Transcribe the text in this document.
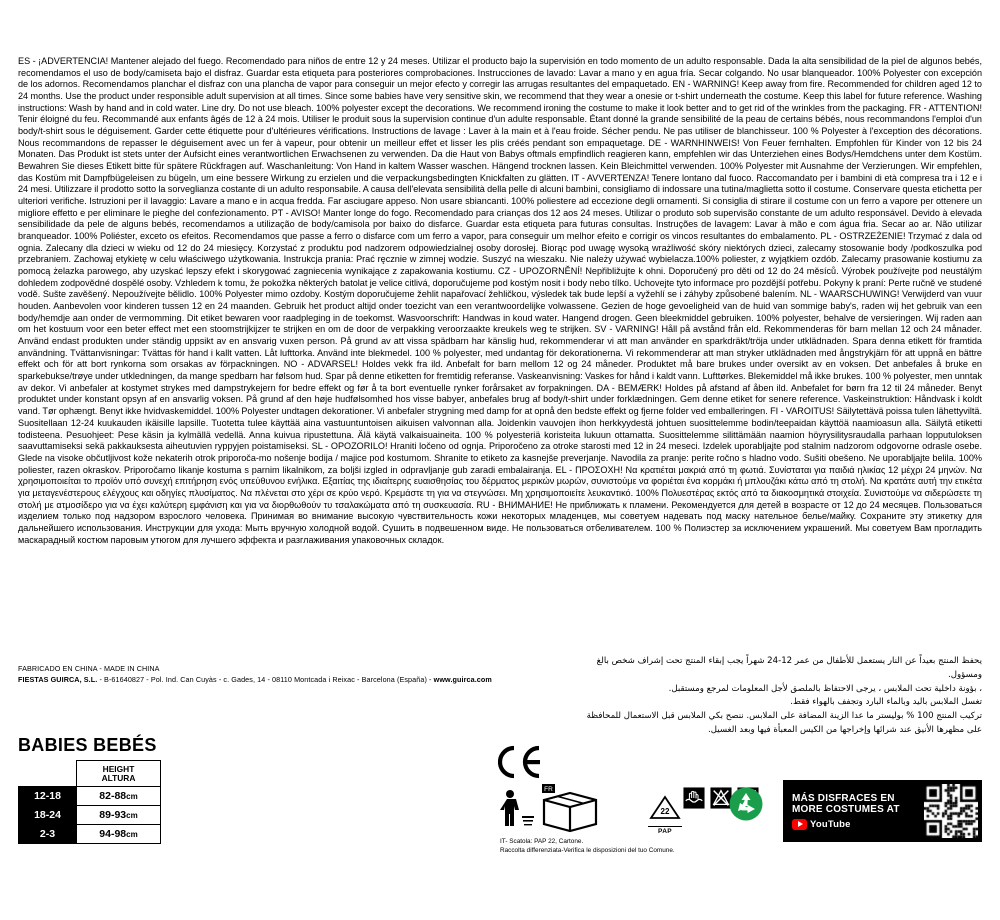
ES - ¡ADVERTENCIA! Mantener alejado del fuego. Recomendado para niños de entre 12 y 24 meses. Utilizar el producto bajo la supervisión en todo momento de un adulto responsable. Dada la alta sensibilidad de la piel de algunos bebés, recomendamos el uso de body/camiseta bajo el disfraz. Guardar esta etiqueta para posteriores comprobaciones. Instrucciones de lavado: Lavar a mano y en agua fría. Secar colgando. No usar blanqueador. 100% Polyester con excepción de los adornos. Recomendamos planchar el disfraz con una plancha de vapor para conseguir un mejor efecto y corregir las arrugas resultantes del empaquetado. EN - WARNING! Keep away from fire. Recommended for children aged 12 to 24 months. Use the product under responsible adult supervision at all times. Since some babies have very sensitive skin, we recommend that they wear a onesie or t-shirt underneath the costume. Keep this label for future reference. Washing instructions: Wash by hand and in cold water. Line dry. Do not use bleach. 100% polyester except the decorations. We recommend ironing the costume to make it look better and to get rid of the wrinkles from the packaging. FR - ATTENTION! Tenir éloigné du feu. Recommandé aux enfants âgés de 12 à 24 mois. Utiliser le produit sous la supervision continue d'un adulte responsable. Étant donné la grande sensibilité de la peau de certains bébés, nous recommandons l'emploi d'un body/t-shirt sous le déguisement. Garder cette étiquette pour d'ultérieures vérifications. Instructions de lavage : Laver à la main et à l'eau froide. Sécher pendu. Ne pas utiliser de blanchisseur. 100 % Polyester à l'exception des décorations. Nous recommandons de repasser le déguisement avec un fer à vapeur, pour obtenir un meilleur effet et lisser les plis créés pendant son empaquetage. DE - WARNHINWEIS! Von Feuer fernhalten. Empfohlen für Kinder von 12 bis 24 Monaten. Das Produkt ist stets unter der Aufsicht eines verantwortlichen Erwachsenen zu verwenden. Da die Haut von Babys oftmals empfindlich reagieren kann, empfehlen wir das Unterziehen eines Bodys/Hemdchens unter dem Kostüm. Bewahren Sie dieses Etikett bitte für spätere Rückfragen auf. Waschanleitung: Von Hand in kaltem Wasser waschen. Hängend trocknen lassen. Kein Bleichmittel verwenden. 100% Polyester mit Ausnahme der Verzierungen. Wir empfehlen, das Kostüm mit Dampfbügeleisen zu bügeln, um eine bessere Wirkung zu erzielen und die verpackungsbedingten Knickfalten zu glätten. IT - AVVERTENZA! Tenere lontano dal fuoco. Raccomandato per i bambini di età compresa tra i 12 e i 24 mesi. Utilizzare il prodotto sotto la sorveglianza costante di un adulto responsabile. A causa dell'elevata sensibilità della pelle di alcuni bambini, consigliamo di indossare una tutina/maglietta sotto il costume. Conservare questa etichetta per ulteriori verifiche. Istruzioni per il lavaggio: Lavare a mano e in acqua fredda. Far asciugare appeso. Non usare sbiancanti. 100% poliestere ad eccezione degli ornamenti. Si consiglia di stirare il costume con un ferro a vapore per ottenere un migliore effetto e per eliminare le pieghe del confezionamento. PT - AVISO! Manter longe do fogo. Recomendado para crianças dos 12 aos 24 meses. Utilizar o produto sob supervisão constante de um adulto responsável. Devido à elevada sensibilidade da pele de alguns bebés, recomendamos a utilização de body/camisola por baixo do disfarce. Guardar esta etiqueta para futuras consultas. Instruções de lavagem: Lavar à mão e com água fria. Secar ao ar. Não utilizar branqueador. 100% Poliéster, exceto os efeitos. Recomendamos que passe a ferro o disfarce com um ferro a vapor, para conseguir um melhor efeito e corrigir os vincos resultantes do embalamento. PL - OSTRZEŻENIE! Trzymać z dala od ognia. Zalecany dla dzieci w wieku od 12 do 24 miesięcy. Korzystać z produktu pod nadzorem odpowiedzialnej osoby dorosłej. Biorąc pod uwagę wysoką wrażliwość skóry niektórych dzieci, zalecamy stosowanie body /podkoszulka pod przebraniem. Zachowaj etykietę w celu właściwego użytkowania. Instrukcja prania: Prać ręcznie w zimnej wodzie. Suszyć na wieszaku. Nie należy używać wybielacza.100% poliester, z wyjątkiem ozdób. Zalecamy prasowanie kostiumu za pomocą żelazka parowego, aby uzyskać lepszy efekt i skorygować zagniecenia wynikające z zapakowania kostiumu. CZ - UPOZORNĚNÍ! Nepřibližujte k ohni. Doporučený pro děti od 12 do 24 měsíců. Výrobek používejte pod neustálým dohledem zodpovědné dospělé osoby. Vzhledem k tomu, že pokožka některých batolat je velice citlivá, doporučujeme pod kostým nosit i body nebo tílko. Uchovejte tyto informace pro pozdější potřebu. Pokyny k praní: Perte ručně ve studené vodě. Sušte zavěšený. Nepoužívejte bělidlo. 100% Polyester mimo ozdoby. Kostým doporučujeme žehlit napařovací žehličkou, výsledek tak bude lepší a vyžehlí se i záhyby způsobené balením. NL - WAARSCHUWING! Verwijderd van vuur houden. Aanbevolen voor kinderen tussen 12 en 24 maanden. Gebruik het product altijd onder toezicht van een verantwoordelijke volwassene. Gezien de hoge gevoeligheid van de huid van sommige baby's, raden wij het gebruik van een body/hemdje aan onder de vermomming. Dit etiket bewaren voor raadpleging in de toekomst. Wasvoorschrift: Handwas in koud water. Hangend drogen. Geen bleekmiddel gebruiken. 100% polyester, behalve de versieringen. Wij raden aan om het kostuum voor een beter effect met een stoomstrijkijzer te strijken en om de door de verpakking veroorzaakte kreukels weg te strijken. SV - VARNING! Håll på avstånd från eld. Rekommenderas för barn mellan 12 och 24 månader. Använd endast produkten under ständig uppsikt av en ansvarig vuxen person. På grund av att vissa spädbarn har känslig hud, rekommenderar vi att man använder en sparkdräkt/tröja under utklädnaden. Spara denna etikett för framtida användning. Tvättanvisningar: Tvättas för hand i kallt vatten. Låt lufttorka. Använd inte blekmedel. 100 % polyester, med undantag för dekorationerna. Vi rekommenderar att man stryker utklädnaden med ångstrykjärn för att uppnå en bättre effekt och för att bort rynkorna som orsakas av förpackningen. NO - ADVARSEL! Holdes vekk fra ild. Anbefalt for barn mellom 12 og 24 måneder. Produktet må bare brukes under oversikt av en voksen. Det anbefales å bruke en sparkebukse/trøye under utkledningen, da mange spedbarn har følsom hud. Spar på denne etiketten for fremtidig referanse. Vaskeanvisning: Vaskes for hånd i kaldt vann. Lufttørkes. Blekemiddel må ikke brukes. 100 % polyester, men unntak av dekor. Vi anbefaler at kostymet strykes med dampstrykejern for bedre effekt og før å ta bort eventuelle rynker forårsaket av forpakningen. DA - BEMÆRK! Holdes på afstand af åben ild. Anbefalet for børn fra 12 til 24 måneder. Benyt produktet under konstant opsyn af en ansvarlig voksen. På grund af den høje hudfølsomhed hos visse babyer, anbefales brug af body/t-shirt under forklædningen. Gem denne etiket for senere reference. Vaskeinstruktion: Håndvask i koldt vand. Tør ophængt. Benyt ikke hvidvaskemiddel. 100% Polyester undtagen dekorationer. Vi anbefaler strygning med damp for at opnå den bedste effekt og fjerne folder ved emballeringen. FI - VAROITUS! Säilytettävä poissa tulen lähettyviltä. Suositellaan 12-24 kuukauden ikäisille lapsille. Tuotetta tulee käyttää aina vastuuntuntoisen aikuisen valvonnan alla. Joidenkin vauvojen ihon herkkyydestä johtuen suosittelemme bodin/teepaidan käyttöä naamioasun alla. Säilytä etiketti todisteena. Pesuohjeet: Pese käsin ja kylmällä vedellä. Anna kuivua ripustettuna. Älä käytä valkaisuaineita. 100 % polyesteriä koristeita lukuun ottamatta. Suosittelemme silittämään naamion höyrysilitysraudalla parhaan lopputuloksen saavuttamiseksi sekä pakkauksesta aiheutuvien ryppyjen poistamiseksi. SL - OPOZORILO! Hraniti ločeno od ognja. Priporočeno za otroke starosti med 12 in 24 meseci. Izdelek uporabljajte pod stalnim nadzorom odgovorne odrasle osebe. Glede na visoke občutljivost kože nekaterih otrok priporoča-mo nošenje bodija / majice pod kostumom. Shranite to etiketo za kasnejše preverjanje. Navodila za pranje: perite ročno s hladno vodo. Sušiti obešeno. Ne uporabljajte belila. 100% poliester, razen okraskov. Priporočamo likanje kostuma s parnim likalnikom, za boljši izgled in odpravljanje gub zaradi embalairanja. EL - ΠΡΟΣΟΧΗ! Να κρατιέται μακριά από τη φωτιά. Συνίσταται για παιδιά ηλικίας 12 μέχρι 24 μηνών. Να χρησιμοποιείται το προϊόν υπό συνεχή επιτήρηση ενός υπεύθυνου ενήλικα. Εξαιτίας της ιδιαίτερης ευαισθησίας του δέρματος μερικών μωρών, συνιστούμε να φοριέται ένα κορμάκι ή μπλουζάκι κάτω από τη στολή. Να κρατάτε αυτή την ετικέτα για μεταγενέστερους ελέγχους και οδηγίες πλυσίματος. Να πλένεται στο χέρι σε κρύο νερό. Κρεμάστε τη για να στεγνώσει. Μη χρησιμοποιείτε λευκαντικό. 100% Πολυεστέρας εκτός από τα διακοσμητικά στοιχεία. Συνιστούμε να σιδερώσετε τη στολή με ατμοσίδερο για να έχει καλύτερη εμφάνιση και για να διορθωθούν τυ τσαλακώματα από τη συσκευασία. RU - ВНИМАНИЕ! Не приближать к пламени. Рекомендуется для детей в возрасте от 12 до 24 месяцев. Пользоваться изделием только под надзором взрослого человека. Принимая во внимание высокую чувствительность кожи некоторых младенцев, мы советуем надевать под маску нательное белье/майку. Сохраните эту этикетку для дальнейшего использования. Инструкции для ухода: Мыть вручную холодной водой. Сушить в подвешенном виде. Не пользоваться отбеливателем. 100 % Полиэстер за исключением украшений. Мы советуем Вам прогладить маскарадный костюм паровым утюгом для лучшего эффекта и разглаживания упаковочных складок.
FABRICADO EN CHINA - MADE IN CHINA
FIESTAS GUIRCA, S.L. - B-61640827 - Pol. Ind. Can Cuyàs - c. Gades, 14 - 08110 Montcada i Reixac - Barcelona (España) - www.guirca.com
يحفظ المنتج بعيداً عن النار يستعمل للأطفال من عمر 12-24 شهراً يجب إبقاء المنتج تحت إشراف شخص بالغ ومسؤول.
، بؤونة داخلية تحت الملابس ، يرجى الاحتفاظ بالملصق لأجل المعلومات لمرجع ومستقبل.
تغسل الملابس باليد وبالماء البارد وتجفف بالهواء فقط.
تركيب المنتج 100 % بوليستر ما عدا الزينة المضافة على الملابس. ننصح بكي الملابس قبل الاستعمال للمحافظة على مظهرها الأنيق عند شرائها وإخراجها من الكيس المعبأة فيها وبعد الغسيل.
BABIES BEBÉS

	HEIGHT
ALTURA

12-18	82-88cm
18-24	89-93cm
2-3	94-98cm
FR
IT- Scatola: PAP 22, Cartone.
Raccolta differenziata-Verifica le disposizioni del tuo Comune.
22
PAP
MÁS DISFRACES EN
MORE COSTUMES AT
YouTube
